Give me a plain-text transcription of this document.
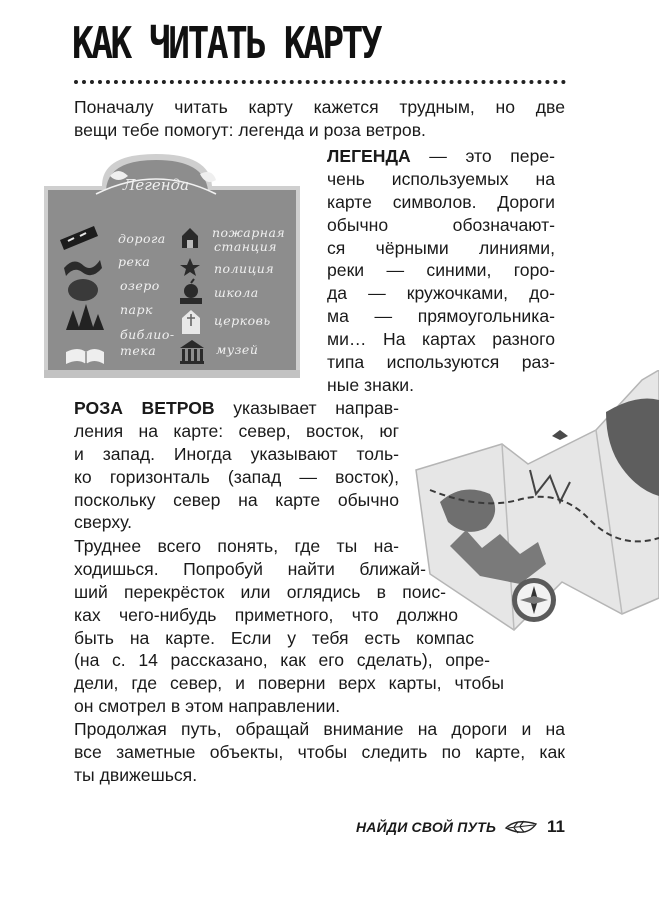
КАК ЧИТАТЬ КАРТУ
Поначалу читать карту кажется трудным, но две
вещи тебе помогут: легенда и роза ветров.
Легенда
дорога
река
озеро
парк
библио-
тека
пожарная
станция
полиция
школа
церковь
музей
ЛЕГЕНДА — это пере-
чень используемых на
карте символов. Дороги
обычно обозначают-
ся чёрными линиями,
реки — синими, горо-
да — кружочками, до-
ма — прямоугольника-
ми… На картах разного
типа используются раз-
ные знаки.
РОЗА ВЕТРОВ указывает направ-
ления на карте: север, восток, юг
и запад. Иногда указывают толь-
ко горизонталь (запад — восток),
поскольку север на карте обычно
сверху.
Труднее всего понять, где ты на-
ходишься. Попробуй найти ближай-
ший перекрёсток или оглядись в поис-
ках чего-нибудь приметного, что должно
быть на карте. Если у тебя есть компас
(на с. 14 рассказано, как его сделать), опре-
дели, где север, и поверни верх карты, чтобы
он смотрел в этом направлении.
Продолжая путь, обращай внимание на дороги и на
все заметные объекты, чтобы следить по карте, как
ты движешься.
НАЙДИ СВОЙ ПУТЬ	11
